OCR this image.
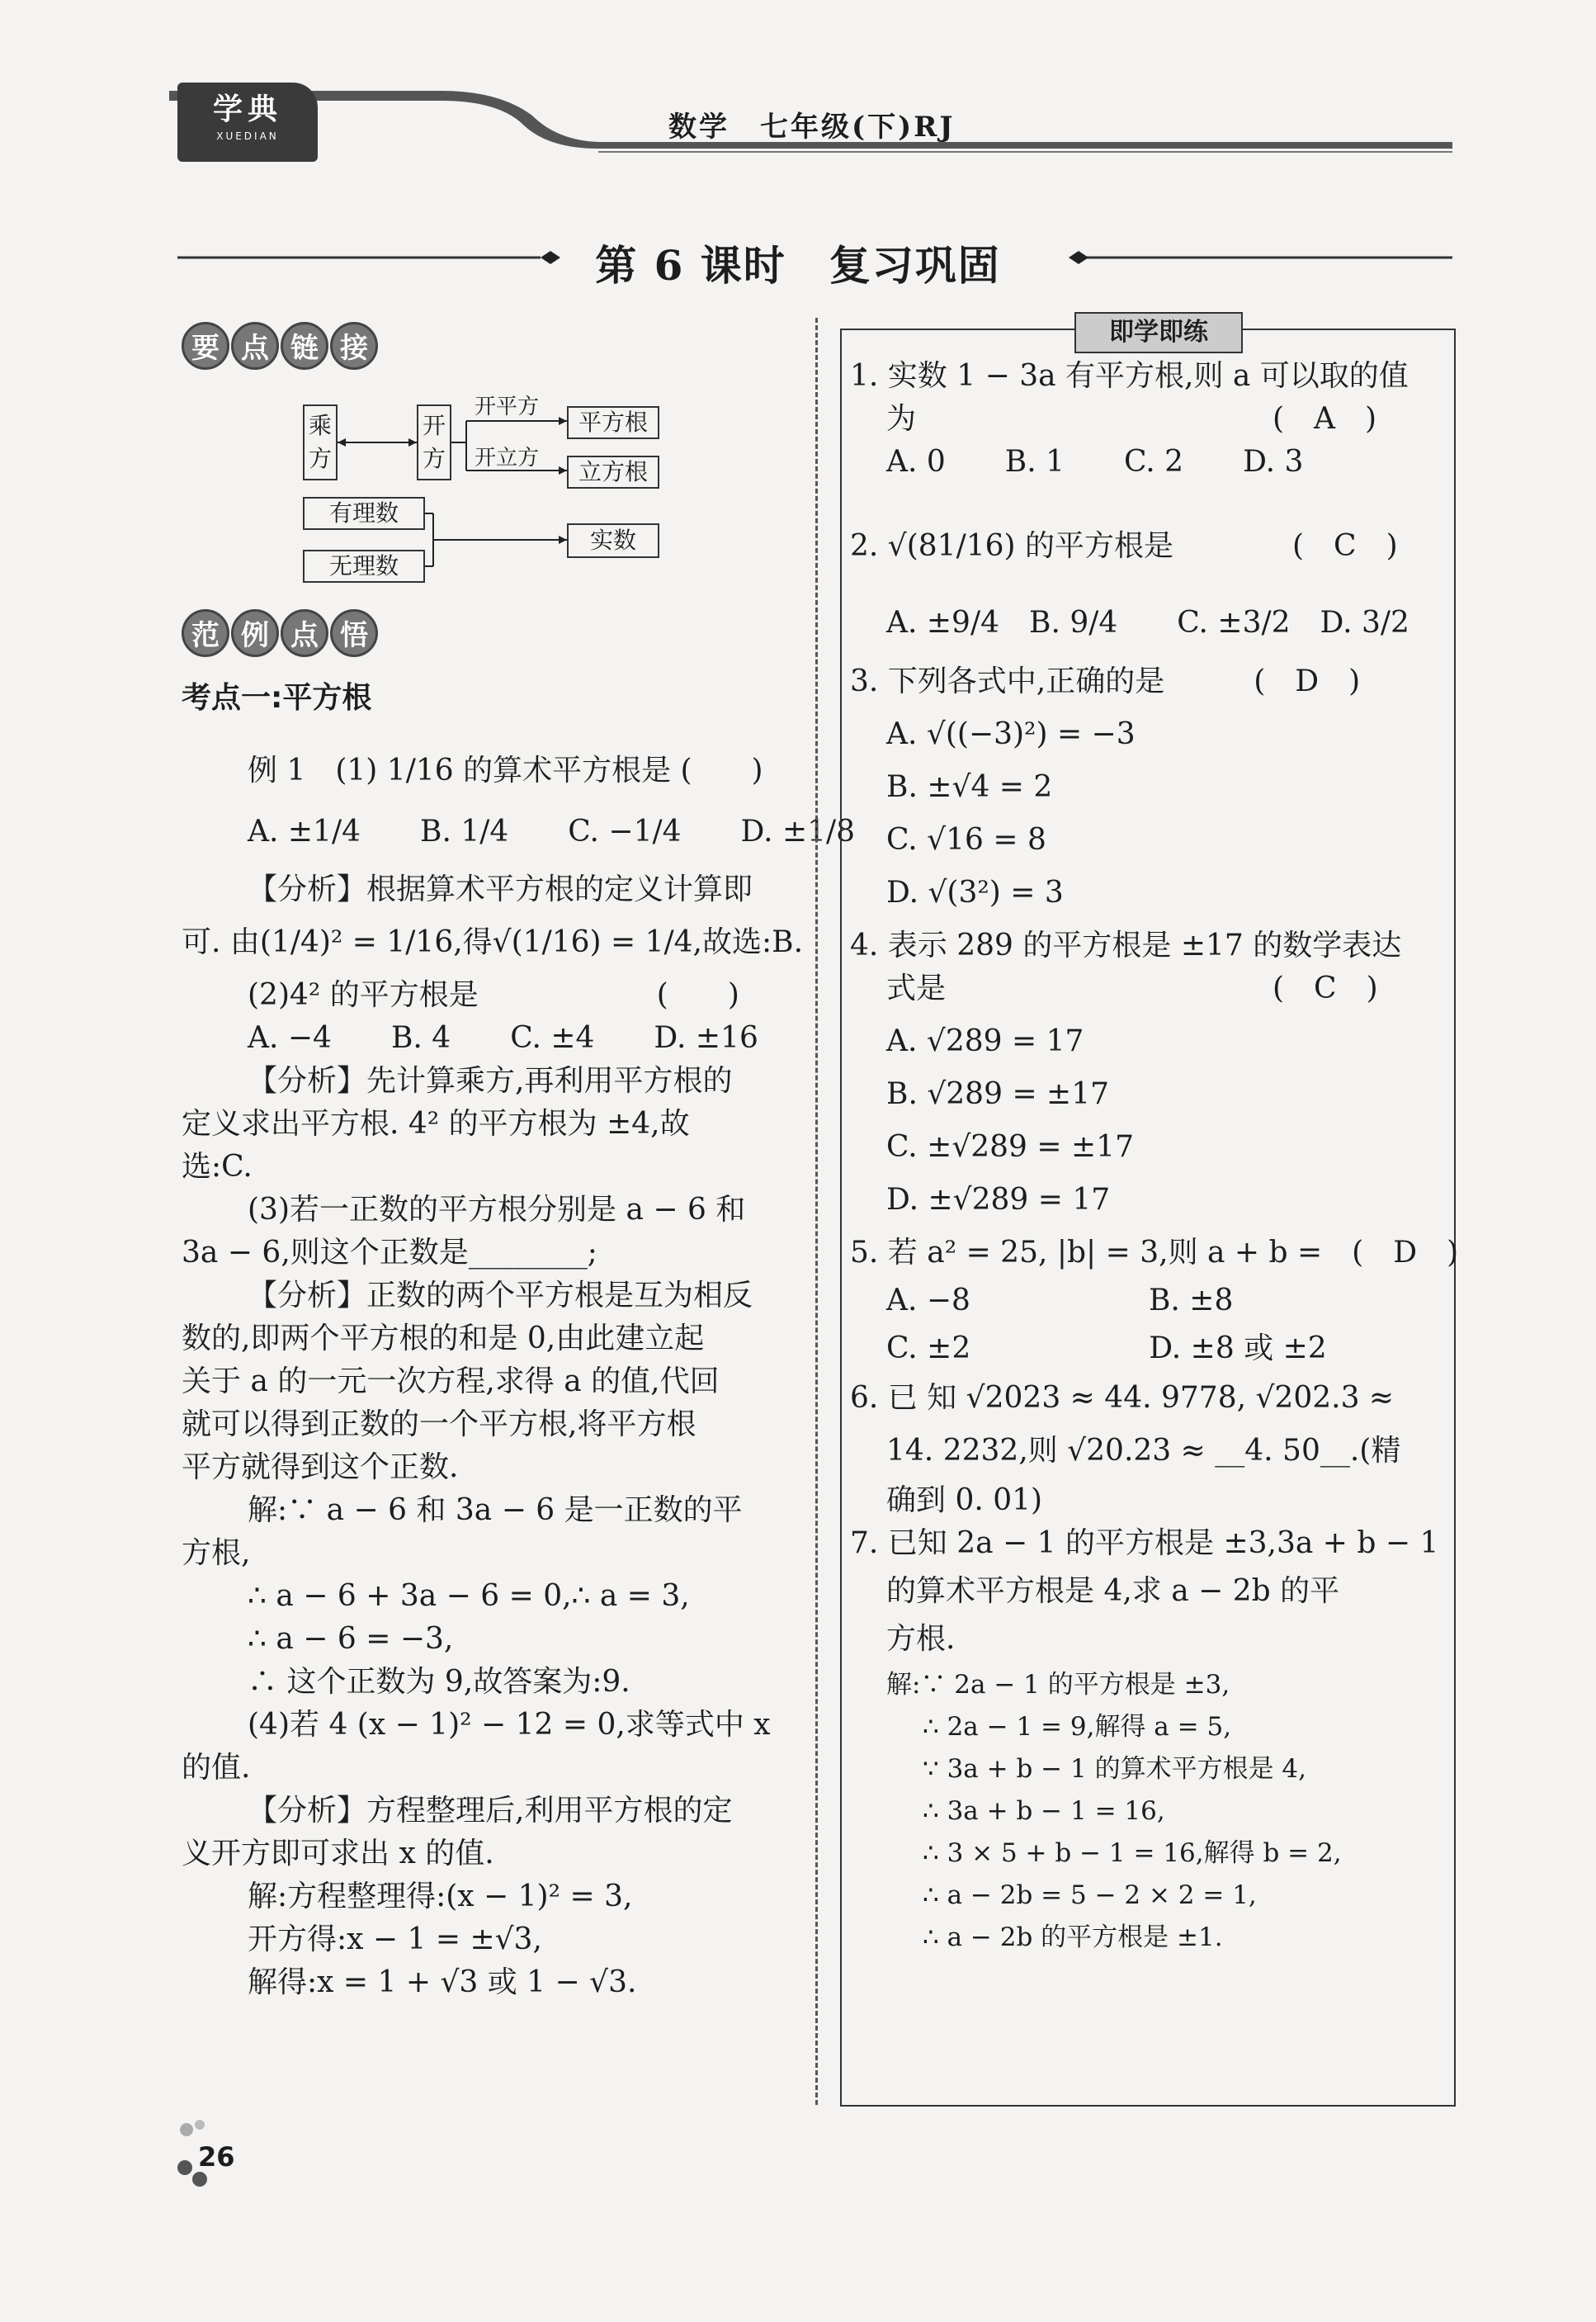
学典
XUEDIAN	数学　七年级(下)RJ
第 6 课时　复习巩固
要 点 链 接
乘方
开方
开平方
开立方
平方根
立方根
有理数
无理数
实数
范 例 点 悟
考点一:平方根
例 1　(1) 1/16 的算术平方根是 (　　)
A. ±1/4　　B. 1/4　　C. −1/4　　D. ±1/8
【分析】根据算术平方根的定义计算即
可. 由(1/4)² = 1/16,得√(1/16) = 1/4,故选:B.
(2)4² 的平方根是　　　　　　(　　)
A. −4　　B. 4　　C. ±4　　D. ±16
【分析】先计算乘方,再利用平方根的
定义求出平方根. 4² 的平方根为 ±4,故
选:C.
(3)若一正数的平方根分别是 a − 6 和
3a − 6,则这个正数是________;
【分析】正数的两个平方根是互为相反
数的,即两个平方根的和是 0,由此建立起
关于 a 的一元一次方程,求得 a 的值,代回
就可以得到正数的一个平方根,将平方根
平方就得到这个正数.
解:∵ a − 6 和 3a − 6 是一正数的平
方根,
∴ a − 6 + 3a − 6 = 0,∴ a = 3,
∴ a − 6 = −3,
∴ 这个正数为 9,故答案为:9.
(4)若 4 (x − 1)² − 12 = 0,求等式中 x
的值.
【分析】方程整理后,利用平方根的定
义开方即可求出 x 的值.
解:方程整理得:(x − 1)² = 3,
开方得:x − 1 = ±√3,
解得:x = 1 + √3 或 1 − √3.
即学即练
1. 实数 1 − 3a 有平方根,则 a 可以取的值
为　　　　　　　　　　　　(　A　)
A. 0　　B. 1　　C. 2　　D. 3
2. √(81/16) 的平方根是　　　　(　C　)
A. ±9/4　B. 9/4　　C. ±3/2　D. 3/2
3. 下列各式中,正确的是　　　(　D　)
A. √((−3)²) = −3
B. ±√4 = 2
C. √16 = 8
D. √(3²) = 3
4. 表示 289 的平方根是 ±17 的数学表达
式是　　　　　　　　　　　(　C　)
A. √289 = 17
B. √289 = ±17
C. ±√289 = ±17
D. ±√289 = 17
5. 若 a² = 25, |b| = 3,则 a + b =　(　D　)
A. −8　　　　　　B. ±8
C. ±2　　　　　　D. ±8 或 ±2
6. 已 知 √2023 ≈ 44. 9778, √202.3 ≈
14. 2232,则 √20.23 ≈ __4. 50__.(精
确到 0. 01)
7. 已知 2a − 1 的平方根是 ±3,3a + b − 1
的算术平方根是 4,求 a − 2b 的平
方根.
解:∵ 2a − 1 的平方根是 ±3,
∴ 2a − 1 = 9,解得 a = 5,
∵ 3a + b − 1 的算术平方根是 4,
∴ 3a + b − 1 = 16,
∴ 3 × 5 + b − 1 = 16,解得 b = 2,
∴ a − 2b = 5 − 2 × 2 = 1,
∴ a − 2b 的平方根是 ±1.
26
